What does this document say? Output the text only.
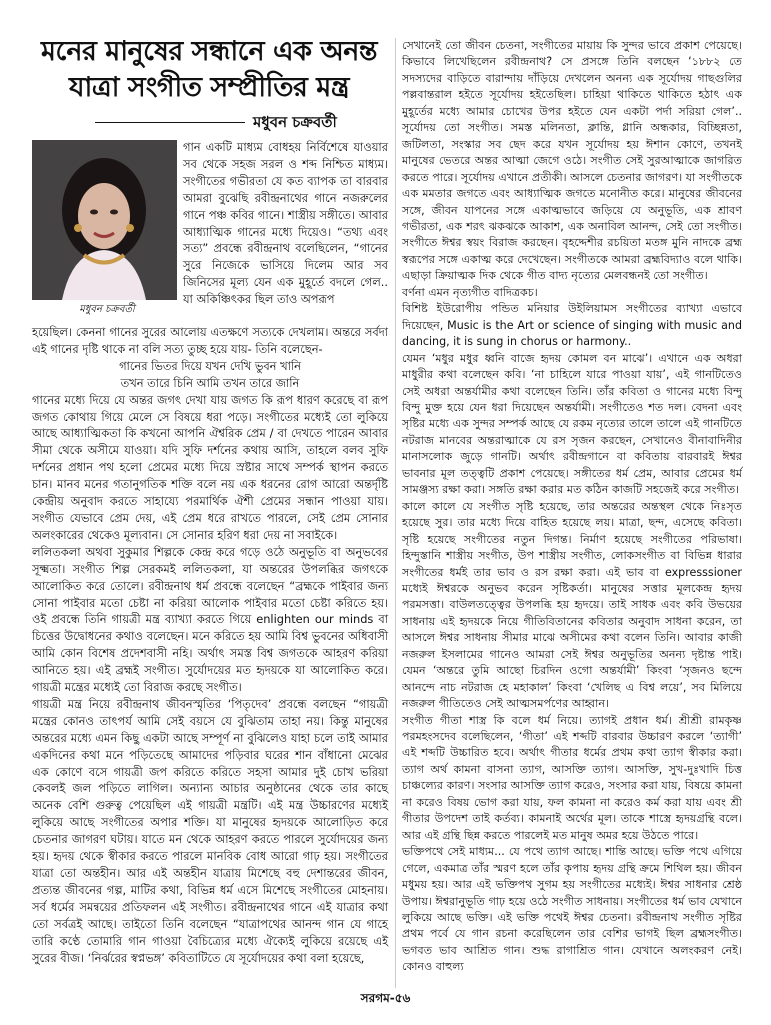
মনের মানুষের সন্ধানে এক অনন্ত যাত্রা সংগীত সম্প্রীতির মন্ত্র
মধুবন চক্রবর্তী
মধুবন চক্রবর্তী

গান একটি মাধ্যম বোধহয় নির্বিশেষে যাওয়ার সব থেকে সহজ সরল ও শব্দ নিশ্চিত মাধ্যম। সংগীতের গভীরতা যে কত ব্যাপক তা বারবার আমরা বুঝেছি রবীন্দ্রনাথের গানে নজরুলের গানে পঞ্চ কবির গানে। শাস্ত্রীয় সঙ্গীতে। আবার আধ্যাত্মিক গানের মধ্যে দিয়েও। “তথ্য এবং সত্য” প্রবন্ধে রবীন্দ্রনাথ বলেছিলেন, “গানের সুরে নিজেকে ভাসিয়ে দিলেম আর সব জিনিসের মূল্য যেন এক মুহূর্তে বদলে গেল.. যা অকিঞ্চিৎকর ছিল তাও অপরূপ

হয়েছিল। কেননা গানের সুরের আলোয় এতক্ষণে সত্যকে দেখলাম। অন্তরে সর্বদা এই গানের দৃষ্টি থাকে না বলি সত্য তুচ্ছ হয়ে যায়- তিনি বলেছেন-

গানের ভিতর দিয়ে যখন দেখি ভুবন খানি

তখন তারে চিনি আমি তখন তারে জানি

গানের মধ্যে দিয়ে যে অন্তর জগৎ দেখা যায় জগত কি রূপ ধারণ করেছে বা রূপ জগত কোথায় গিয়ে মেলে সে বিষয়ে ধরা পড়ে। সংগীতের মধ্যেই তো লুকিয়ে আছে আধ্যাত্মিকতা কি কখনো আপনি ঐশ্বরিক প্রেম / বা দেখতে পারেন আবার সীমা থেকে অসীমে যাওয়া। যদি সুফি দর্শনের কথায় আসি, তাহলে বলব সুফি দর্শনের প্রধান পথ হলো প্রেমের মধ্যে দিয়ে স্রষ্টার সাথে সম্পর্ক স্থাপন করতে চান। মানব মনের গতানুগতিক শক্তি বলে নয় এক ধরনের রোগ আরো অন্তর্দৃষ্টি কেন্দ্রীয় অনুবাদ করতে সাহায্যে পরমার্থিক ঐশী প্রেমের সন্ধান পাওয়া যায়। সংগীত যেভাবে প্রেম দেয়, এই প্রেম ধরে রাখতে পারলে, সেই প্রেম সোনার অলংকারের থেকেও মূল্যবান। সে সোনার হরিণ ধরা দেয় না সবাইকে।

ললিতকলা অথবা সুকুমার শিল্পকে কেন্দ্র করে গড়ে ওঠে অনুভূতি বা অনুভবের সূক্ষ্মতা। সংগীত শিল্প সেরকমই ললিতকলা, যা অন্তরের উপলব্ধির জগৎকে আলোকিত করে তোলে। রবীন্দ্রনাথ ধর্ম প্রবন্ধে বলেছেন “ব্রহ্মকে পাইবার জন্য সোনা পাইবার মতো চেষ্টা না করিয়া আলোক পাইবার মতো চেষ্টা করিতে হয়। ওই প্রবন্ধে তিনি গায়ত্রী মন্ত্র ব্যাখ্যা করতে গিয়ে enlighten our minds বা চিত্তের উদ্বোধনের কথাও বলেছেন। মনে করিতে হয় আমি বিশ্ব ভুবনের অধিবাসী আমি কোন বিশেষ প্রদেশবাসী নহি। অর্থাৎ সমস্ত বিশ্ব জগতকে আহরণ করিয়া আনিতে হয়। এই ব্রহ্মই সংগীত। সুর্যোদয়ের মত হৃদয়কে যা আলোকিত করে। গায়ত্রী মন্ত্রের মধ্যেই তো বিরাজ করছে সংগীত।

গায়ত্রী মন্ত্র নিয়ে রবীন্দ্রনাথ জীবনস্মৃতির ‘পিতৃদেব’ প্রবন্ধে বলছেন “গায়ত্রী মন্ত্রের কোনও তাৎপর্য আমি সেই বয়সে যে বুঝিতাম তাহা নয়। কিন্তু মানুষের অন্তরের মধ্যে এমন কিছু একটা আছে সম্পূর্ণ না বুঝিলেও যাহা চলে তাই আমার একদিনের কথা মনে পড়িতেছে আমাদের পড়িবার ঘরের শান বাঁধানো মেঝের এক কোণে বসে গায়ত্রী জপ করিতে করিতে সহসা আমার দুই চোখ ভরিয়া কেবলই জল পড়িতে লাগিল। অন্যান্য আচার অনুষ্ঠানের থেকে তার কাছে অনেক বেশি গুরুত্ব পেয়েছিল এই গায়ত্রী মন্ত্রটি। এই মন্ত্র উচ্চারণের মধ্যেই লুকিয়ে আছে সংগীতের অপার শক্তি। যা মানুষের হৃদয়কে আলোড়িত করে চেতনার জাগরণ ঘটায়। যাতে মন থেকে আহরণ করতে পারলে সুর্যোদয়ের জন্য হয়। হৃদয় থেকে স্বীকার করতে পারলে মানবিক বোধ আরো গাঢ় হয়। সংগীতের যাত্রা তো অন্তহীন। আর এই অন্তহীন যাত্রায় মিশেছে বহু দেশান্তরের জীবন, প্রত্যন্ত জীবনের গল্প, মাটির কথা, বিভিন্ন ধর্ম এসে মিশেছে সংগীতের মোহনায়। সর্ব ধর্মের সমন্বয়ের প্রতিফলন এই সংগীত। রবীন্দ্রনাথের গানে এই যাত্রার কথা তো সর্বত্রই আছে। তাইতো তিনি বলেছেন “যাত্রাপথের আনন্দ গান যে গাহে তারি কণ্ঠে তোমারি গান গাওয়া বৈচিত্র্যের মধ্যে ঐক্যেই লুকিয়ে রয়েছে এই সুরের বীজ। ‘নির্ঝরের স্বপ্নভঙ্গ’ কবিতাটিতে যে সূর্যোদয়ের কথা বলা হয়েছে,

সেখানেই তো জীবন চেতনা, সংগীতের মায়ায় কি সুন্দর ভাবে প্রকাশ পেয়েছে। কিভাবে লিখেছিলেন রবীন্দ্রনাথ? সে প্রসঙ্গে তিনি বলছেন ‘১৮৮২ তে সদস্যদের বাড়িতে বারান্দায় দাঁড়িয়ে দেখলেন অনন্য এক সূর্যোদয় গাছগুলির পল্লবান্তরাল হইতে সূর্যোদয় হইতেছিল। চাহিয়া থাকিতে থাকিতে হঠাৎ এক মুহূর্তের মধ্যে আমার চোখের উপর হইতে যেন একটা পর্দা সরিয়া গেল’.. সূর্যোদয় তো সংগীত। সমস্ত মলিনতা, ক্লান্তি, গ্লানি অন্ধকার, বিচ্ছিন্নতা, জটিলতা, সংস্কার সব ছেদ করে যখন সূর্যোদয় হয় ঈশান কোণে, তখনই মানুষের ভেতরে অন্তর আত্মা জেগে ওঠে। সংগীত সেই সুরআত্মাকে জাগরিত করতে পারে। সূর্যোদয় এখানে প্রতীকী। আসলে চেতনার জাগরণ। যা সংগীতকে এক মমতার জগতে এবং আধ্যাত্মিক জগতে মনোনীত করে। মানুষের জীবনের সঙ্গে, জীবন যাপনের সঙ্গে একাত্মভাবে জড়িয়ে যে অনুভূতি, এক শ্রাবণ গভীরতা, এক শরৎ ঝকঝকে আকাশ, এক অনাবিল আনন্দ, সেই তো সংগীত। সংগীতে ঈশ্বর স্বয়ং বিরাজ করছেন। বৃহদ্দেশীর রচয়িতা মতঙ্গ মুনি নাদকে ব্রহ্ম স্বরূপের সঙ্গে একাত্ম করে দেখেছেন। সংগীতকে আমরা ব্রহ্মবিদ্যাও বলে থাকি। এছাড়া ক্রিয়াত্মক দিক থেকে গীত বাদ্য নৃত্যের মেলবন্ধনই তো সংগীত।

বর্ণনা এমন নৃত্যগীত বাদিত্রকচ।

বিশিষ্ট ইউরোপীয় পন্ডিত মনিয়ার উইলিয়ামস সংগীতের ব্যাখ্যা এভাবে দিয়েছেন, Music is the Art or science of singing with music and dancing, it is sung in chorus or harmony..

যেমন ‘মধুর মধুর ধ্বনি বাজে হৃদয় কোমল বন মাঝে’। এখানে এক অধরা মাধুরীর কথা বলেছেন কবি। ‘না চাহিলে যারে পাওয়া যায়’, এই গানটিতেও সেই অধরা অন্তর্যামীর কথা বলেছেন তিনি। তাঁর কবিতা ও গানের মধ্যে বিন্দু বিন্দু মুক্ত হয়ে যেন ধরা দিয়েছেন অন্তর্যামী। সংগীতেও শত দল। বেদনা এবং সৃষ্টির মধ্যে এক সুন্দর সম্পর্ক আছে যে রকম নৃত্যের তালে তালে এই গানটিতে নটরাজ মানবের অন্তরাত্মাকে যে রস সৃজন করছেন, সেখানেও বীনাবাদিনীর মানাসলোক জুড়ে গানটি। অর্থাৎ রবীন্দ্রগানে বা কবিতায় বারবারই ঈশ্বর ভাবনার মূল তত্ত্বটি প্রকাশ পেয়েছে। সঙ্গীতের ধর্ম প্রেম, আবার প্রেমের ধর্ম সামঞ্জস্য রক্ষা করা। সঙ্গতি রক্ষা করার মত কঠিন কাজটি সহজেই করে সংগীত।

কালে কালে যে সংগীত সৃষ্টি হয়েছে, তার অন্তরের অন্তস্থল থেকে নিঃসৃত হয়েছে সুর। তার মধ্যে দিয়ে বাহিত হয়েছে লয়। মাত্রা, ছন্দ, এসেছে কবিতা। সৃষ্টি হয়েছে সংগীতের নতুন দিগন্ত। নির্মাণ হয়েছে সংগীতের পরিভাষা। হিন্দুস্তানি শাস্ত্রীয় সংগীত, উপ শাস্ত্রীয় সংগীত, লোকসংগীত বা বিভিন্ন ধারার সংগীতের ধর্মই তার ভাব ও রস রক্ষা করা। এই ভাব বা expresssioner মধ্যেই ঈশ্বরকে অনুভব করেন সৃষ্টিকর্তা। মানুষের সত্তার মূলকেন্দ্র হৃদয় পরমসত্তা। বাউলতত্ত্বের উপলব্ধি হয় হৃদয়ে। তাই সাধক এবং কবি উভয়ের সাধনায় এই হৃদয়কে নিয়ে গীতিবিতানের কবিতার অনুবাদ সাধনা করেন, তা আসলে ঈশ্বর সাধনায় সীমার মাঝে অসীমের কথা বলেন তিনি। আবার কাজী নজরুল ইসলামের গানেও আমরা সেই ঈশ্বর অনুভূতির অনন্য দৃষ্টান্ত পাই। যেমন ‘অন্তরে তুমি আছো চিরদিন ওগো অন্তর্যামী’ কিংবা ‘সৃজনও ছন্দে আনন্দে নাচ নটরাজ হে মহাকাল’ কিংবা ‘খেলিছ এ বিশ্ব লয়ে’, সব মিলিয়ে নজরুল গীতিতেও সেই আত্মসমর্পণের আহ্বান।

সংগীত গীতা শাস্ত্র কি বলে ধর্ম নিয়ে। ত্যাগই প্রধান ধর্ম। শ্রীশ্রী রামকৃষ্ণ পরমহংসদেব বলেছিলেন, ‘গীতা’ এই শব্দটি বারবার উচ্চারণ করলে ‘ত্যাগী’ এই শব্দটি উচ্চারিত হবে। অর্থাৎ গীতার ধর্মের প্রথম কথা ত্যাগ স্বীকার করা। ত্যাগ অর্থ কামনা বাসনা ত্যাগ, আসক্তি ত্যাগ। আসক্তি, সুখ-দুঃখাদি চিত্ত চাঞ্চল্যের কারণ। সংসার আসক্তি ত্যাগ করেও, সংসার করা যায়, বিষয়ে কামনা না করেও বিষয় ভোগ করা যায়, ফল কামনা না করেও কর্ম করা যায় এবং শ্রী গীতার উপদেশ তাই কর্তব্য। কামনাই অর্থের মূল। তাকে শাস্ত্রে হৃদয়গ্রন্থি বলে। আর এই গ্রন্থি ছিন্ন করতে পারলেই মত মানুষ অমর হয়ে উঠতে পারে।

ভক্তিপথে সেই মাধ্যম... যে পথে ত্যাগ আছে। শান্তি আছে। ভক্তি পথে এগিয়ে গেলে, একমাত্র তাঁর স্মরণ হলে তাঁর কৃপায় হৃদয় গ্রন্থি ক্রমে শিথিল হয়। জীবন মধুময় হয়। আর এই ভক্তিপথ সুগম হয় সংগীতের মধ্যেই। ঈশ্বর সাধনার শ্রেষ্ঠ উপায়। ঈশ্বরানুভূতি গাঢ় হয়ে ওঠে সংগীত সাধনায়। সংগীতের ধর্ম ভাব যেখানে লুকিয়ে আছে ভক্তি। এই ভক্তি পথেই ঈশ্বর চেতনা। রবীন্দ্রনাথ সংগীত সৃষ্টির প্রথম পর্বে যে গান রচনা করেছিলেন তার বেশির ভাগই ছিল ব্রহ্মসংগীত। ভগবত ভাব আশ্রিত গান। শুদ্ধ রাগাশ্রিত গান। যেখানে অলংকরণ নেই। কোনও বাহুল্য

সরগম-৫৬
